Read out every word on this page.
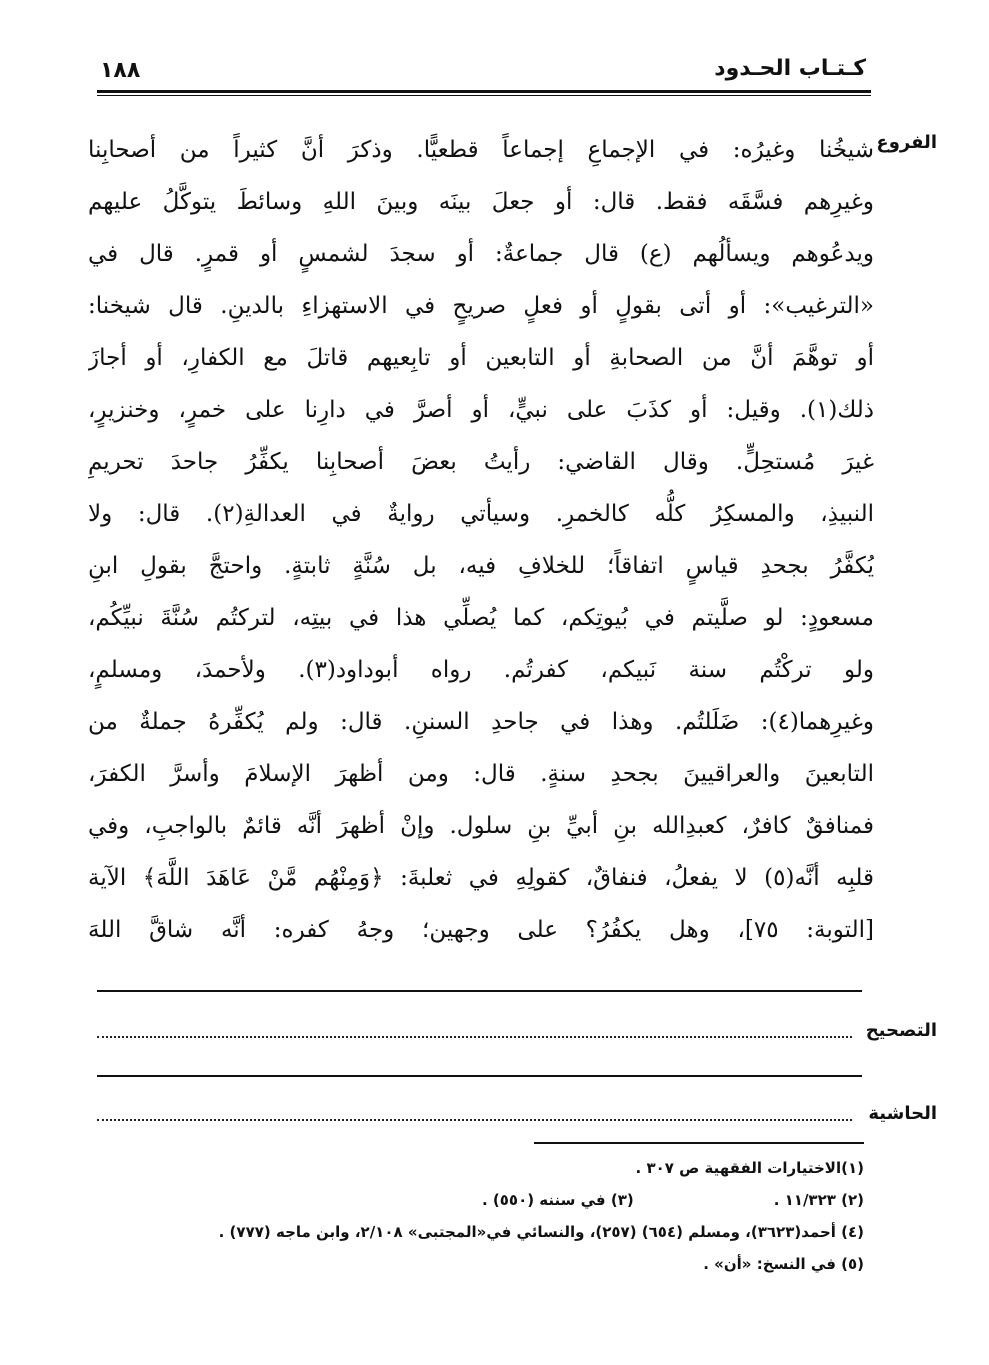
كـتـاب الحـدود
١٨٨
الفروع
شيخُنا وغيرُه: في الإجماعِ إجماعاً قطعيًّا. وذكرَ أنَّ كثيراً من أصحابِنا
وغيرِهم فسَّقَه فقط. قال: أو جعلَ بينَه وبينَ اللهِ وسائطَ يتوكَّلُ عليهم
ويدعُوهم ويسألُهم (ع) قال جماعةٌ: أو سجدَ لشمسٍ أو قمرٍ. قال في
«الترغيب»: أو أتى بقولٍ أو فعلٍ صريحٍ في الاستهزاءِ بالدينِ. قال شيخنا:
أو توهَّمَ أنَّ من الصحابةِ أو التابعين أو تابِعيهم قاتلَ مع الكفارِ، أو أجازَ
ذلك(١). وقيل: أو كذَبَ على نبيٍّ، أو أصرَّ في دارِنا على خمرٍ، وخنزيرٍ،
غيرَ مُستحِلٍّ. وقال القاضي: رأيتُ بعضَ أصحابِنا يكفِّرُ جاحدَ تحريمِ
النبيذِ، والمسكِرُ كلُّه كالخمرِ. وسيأتي روايةٌ في العدالةِ(٢). قال: ولا
يُكفَّرُ بجحدِ قياسٍ اتفاقاً؛ للخلافِ فيه، بل سُنَّةٍ ثابتةٍ. واحتجَّ بقولِ ابنِ
مسعودٍ: لو صلَّيتم في بُيوتِكم، كما يُصلِّي هذا في بيتِه، لتركتُم سُنَّةَ نبيِّكُم،
ولو تركْتُم سنة نَبيكم، كفرتُم. رواه أبوداود(٣). ولأحمدَ، ومسلمٍ،
وغيرِهما(٤): ضَلَلتُم. وهذا في جاحدِ السننِ. قال: ولم يُكفِّرهُ جملةٌ من
التابعينَ والعراقيينَ بجحدِ سنةٍ. قال: ومن أظهرَ الإسلامَ وأسرَّ الكفرَ،
فمنافقٌ كافرٌ، كعبدِالله بنِ أبيِّ بنِ سلول. وإنْ أظهرَ أنَّه قائمٌ بالواجبِ، وفي
قلبِه أنَّه(٥) لا يفعلُ، فنفاقٌ، كقولِهِ في ثعلبةَ: ﴿وَمِنْهُم مَّنْ عَاهَدَ اللَّهَ﴾ الآية
[التوبة: ٧٥]، وهل يكفُرُ؟ على وجهين؛ وجهُ كفره: أنَّه شاقَّ اللهَ
التصحيح
الحاشية
(١)الاختيارات الفقهية ص ٣٠٧ .
(٢) ١١/٣٢٣ .(٣) في سننه (٥٥٠) .
(٤) أحمد(٣٦٢٣)، ومسلم (٦٥٤) (٢٥٧)، والنسائي في«المجتبى» ٢/١٠٨، وابن ماجه (٧٧٧) .
(٥) في النسخ: «أن» .
